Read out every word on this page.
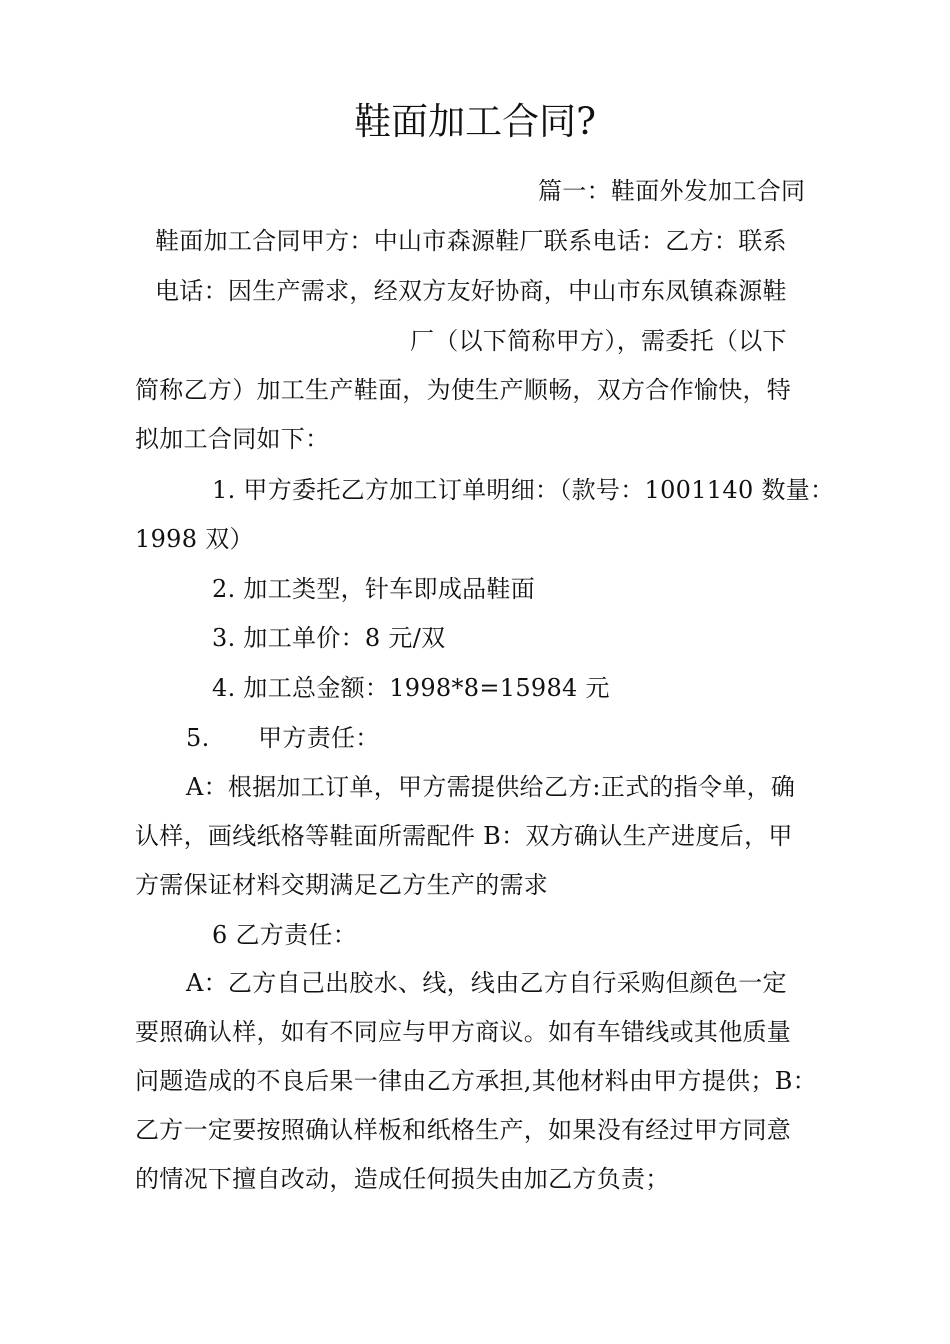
鞋面加工合同?
篇一：鞋面外发加工合同
鞋面加工合同甲方：中山市森源鞋厂联系电话：乙方：联系
电话：因生产需求，经双方友好协商，中山市东凤镇森源鞋
厂（以下简称甲方），需委托（以下
简称乙方）加工生产鞋面，为使生产顺畅，双方合作愉快，特
拟加工合同如下：
1. 甲方委托乙方加工订单明细：（款号：1001140 数量：
1998 双）
2. 加工类型，针车即成品鞋面
3. 加工单价：8 元/双
4. 加工总金额：1998*8=15984 元
5.　　甲方责任：
A：根据加工订单，甲方需提供给乙方:正式的指令单，确
认样，画线纸格等鞋面所需配件 B：双方确认生产进度后，甲
方需保证材料交期满足乙方生产的需求
6 乙方责任：
A：乙方自己出胶水、线，线由乙方自行采购但颜色一定
要照确认样，如有不同应与甲方商议。如有车错线或其他质量
问题造成的不良后果一律由乙方承担,其他材料由甲方提供；B：
乙方一定要按照确认样板和纸格生产，如果没有经过甲方同意
的情况下擅自改动，造成任何损失由加乙方负责；
